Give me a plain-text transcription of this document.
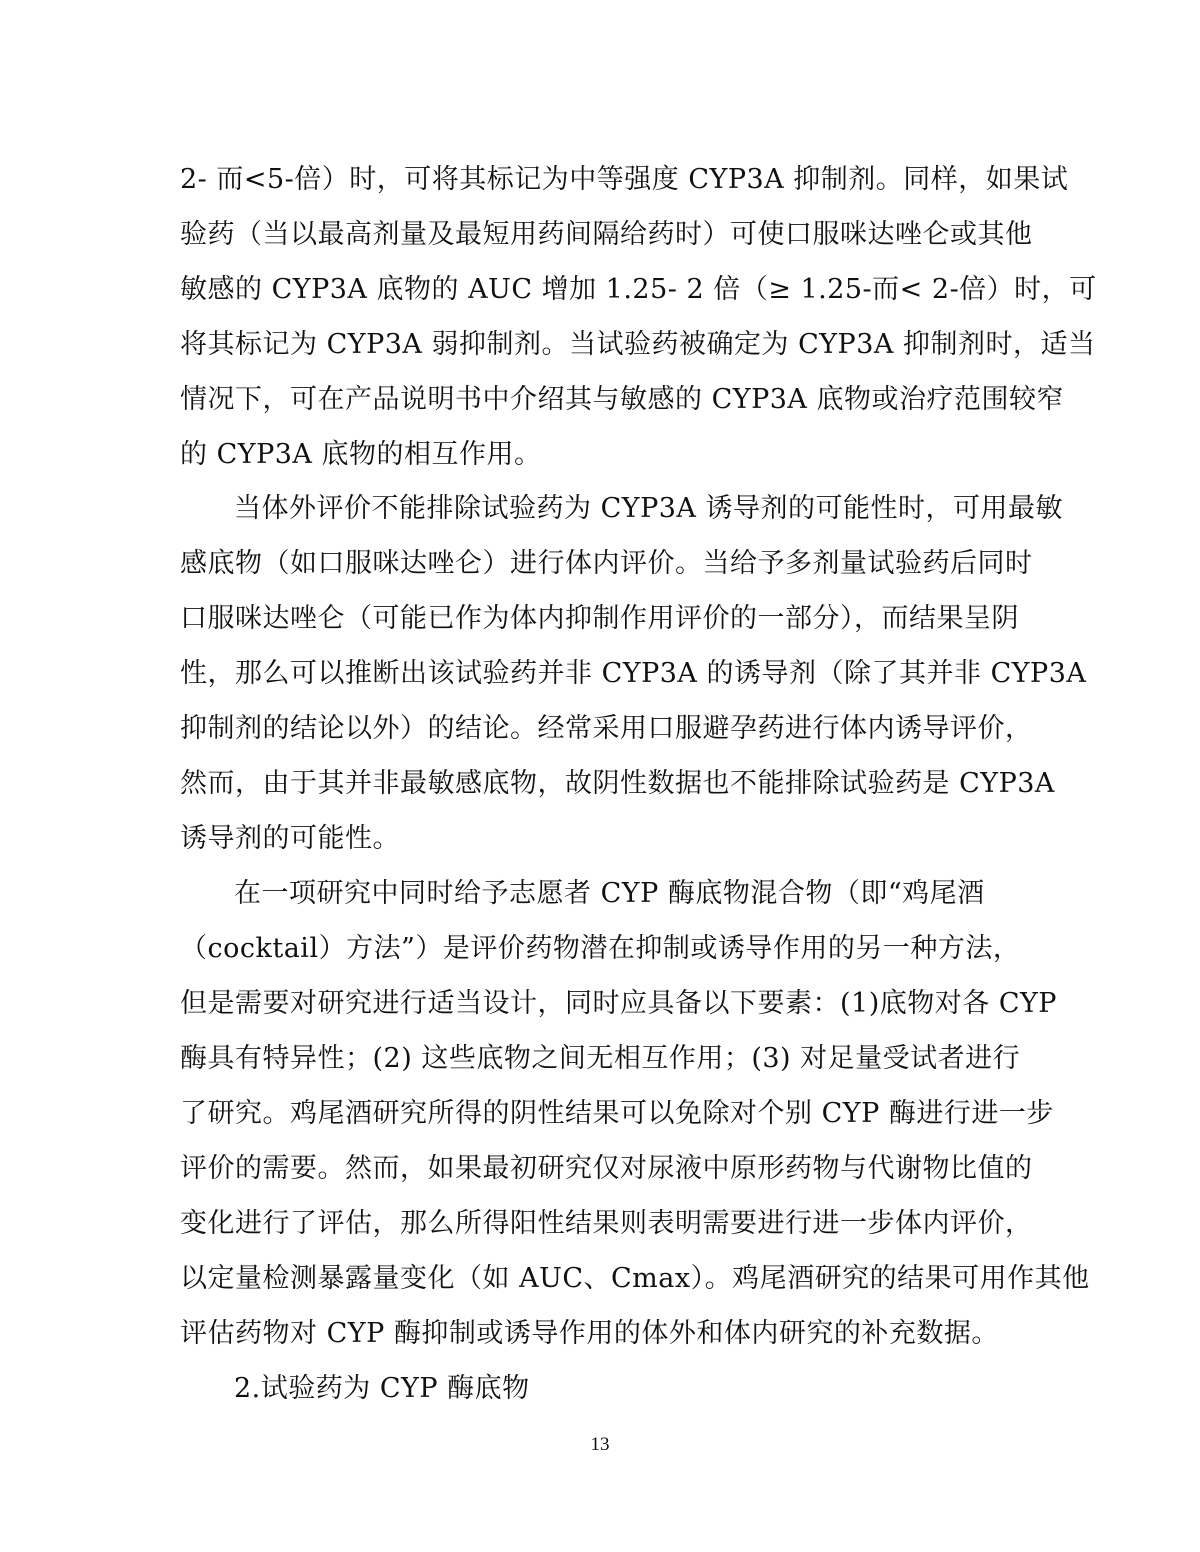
2- 而<5-倍）时，可将其标记为中等强度 CYP3A 抑制剂。同样，如果试
验药（当以最高剂量及最短用药间隔给药时）可使口服咪达唑仑或其他
敏感的 CYP3A 底物的 AUC 增加 1.25- 2 倍（≥ 1.25-而< 2-倍）时，可
将其标记为 CYP3A 弱抑制剂。当试验药被确定为 CYP3A 抑制剂时，适当
情况下，可在产品说明书中介绍其与敏感的 CYP3A 底物或治疗范围较窄
的 CYP3A 底物的相互作用。
当体外评价不能排除试验药为 CYP3A 诱导剂的可能性时，可用最敏
感底物（如口服咪达唑仑）进行体内评价。当给予多剂量试验药后同时
口服咪达唑仑（可能已作为体内抑制作用评价的一部分），而结果呈阴
性，那么可以推断出该试验药并非 CYP3A 的诱导剂（除了其并非 CYP3A
抑制剂的结论以外）的结论。经常采用口服避孕药进行体内诱导评价，
然而，由于其并非最敏感底物，故阴性数据也不能排除试验药是 CYP3A
诱导剂的可能性。
在一项研究中同时给予志愿者 CYP 酶底物混合物（即“鸡尾酒
（cocktail）方法”）是评价药物潜在抑制或诱导作用的另一种方法，
但是需要对研究进行适当设计，同时应具备以下要素：(1)底物对各 CYP
酶具有特异性；(2) 这些底物之间无相互作用；(3) 对足量受试者进行
了研究。鸡尾酒研究所得的阴性结果可以免除对个别 CYP 酶进行进一步
评价的需要。然而，如果最初研究仅对尿液中原形药物与代谢物比值的
变化进行了评估，那么所得阳性结果则表明需要进行进一步体内评价，
以定量检测暴露量变化（如 AUC、Cmax）。鸡尾酒研究的结果可用作其他
评估药物对 CYP 酶抑制或诱导作用的体外和体内研究的补充数据。
2.试验药为 CYP 酶底物
13
